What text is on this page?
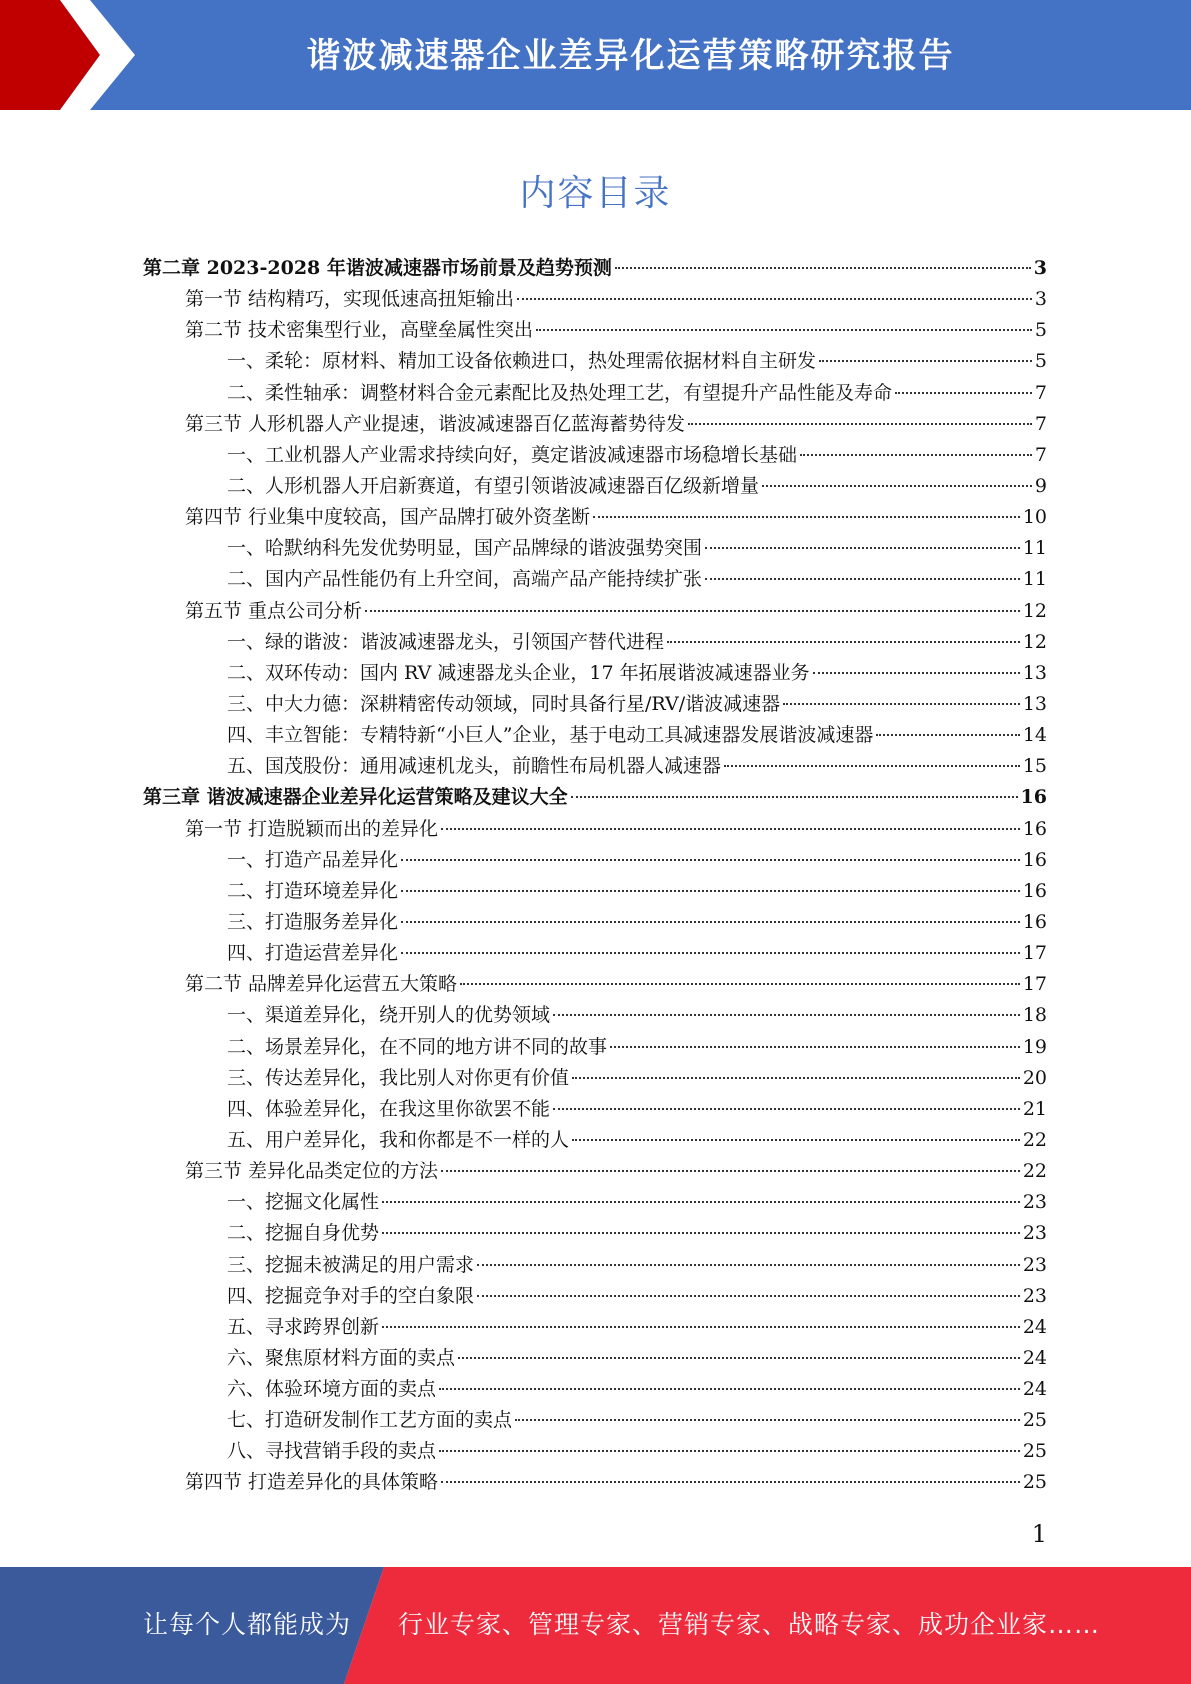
谐波减速器企业差异化运营策略研究报告
内容目录
第二章 2023-2028 年谐波减速器市场前景及趋势预测	3
第一节 结构精巧，实现低速高扭矩输出	3
第二节 技术密集型行业，高壁垒属性突出	5
一、柔轮：原材料、精加工设备依赖进口，热处理需依据材料自主研发	5
二、柔性轴承：调整材料合金元素配比及热处理工艺，有望提升产品性能及寿命	7
第三节 人形机器人产业提速，谐波减速器百亿蓝海蓄势待发	7
一、工业机器人产业需求持续向好，奠定谐波减速器市场稳增长基础	7
二、人形机器人开启新赛道，有望引领谐波减速器百亿级新增量	9
第四节 行业集中度较高，国产品牌打破外资垄断	10
一、哈默纳科先发优势明显，国产品牌绿的谐波强势突围	11
二、国内产品性能仍有上升空间，高端产品产能持续扩张	11
第五节 重点公司分析	12
一、绿的谐波：谐波减速器龙头，引领国产替代进程	12
二、双环传动：国内 RV 减速器龙头企业，17 年拓展谐波减速器业务	13
三、中大力德：深耕精密传动领域，同时具备行星/RV/谐波减速器	13
四、丰立智能：专精特新“小巨人”企业，基于电动工具减速器发展谐波减速器	14
五、国茂股份：通用减速机龙头，前瞻性布局机器人减速器	15
第三章 谐波减速器企业差异化运营策略及建议大全	16
第一节 打造脱颖而出的差异化	16
一、打造产品差异化	16
二、打造环境差异化	16
三、打造服务差异化	16
四、打造运营差异化	17
第二节 品牌差异化运营五大策略	17
一、渠道差异化，绕开别人的优势领域	18
二、场景差异化，在不同的地方讲不同的故事	19
三、传达差异化，我比别人对你更有价值	20
四、体验差异化，在我这里你欲罢不能	21
五、用户差异化，我和你都是不一样的人	22
第三节 差异化品类定位的方法	22
一、挖掘文化属性	23
二、挖掘自身优势	23
三、挖掘未被满足的用户需求	23
四、挖掘竞争对手的空白象限	23
五、寻求跨界创新	24
六、聚焦原材料方面的卖点	24
六、体验环境方面的卖点	24
七、打造研发制作工艺方面的卖点	25
八、寻找营销手段的卖点	25
第四节 打造差异化的具体策略	25
1
让每个人都能成为 行业专家、管理专家、营销专家、战略专家、成功企业家……
